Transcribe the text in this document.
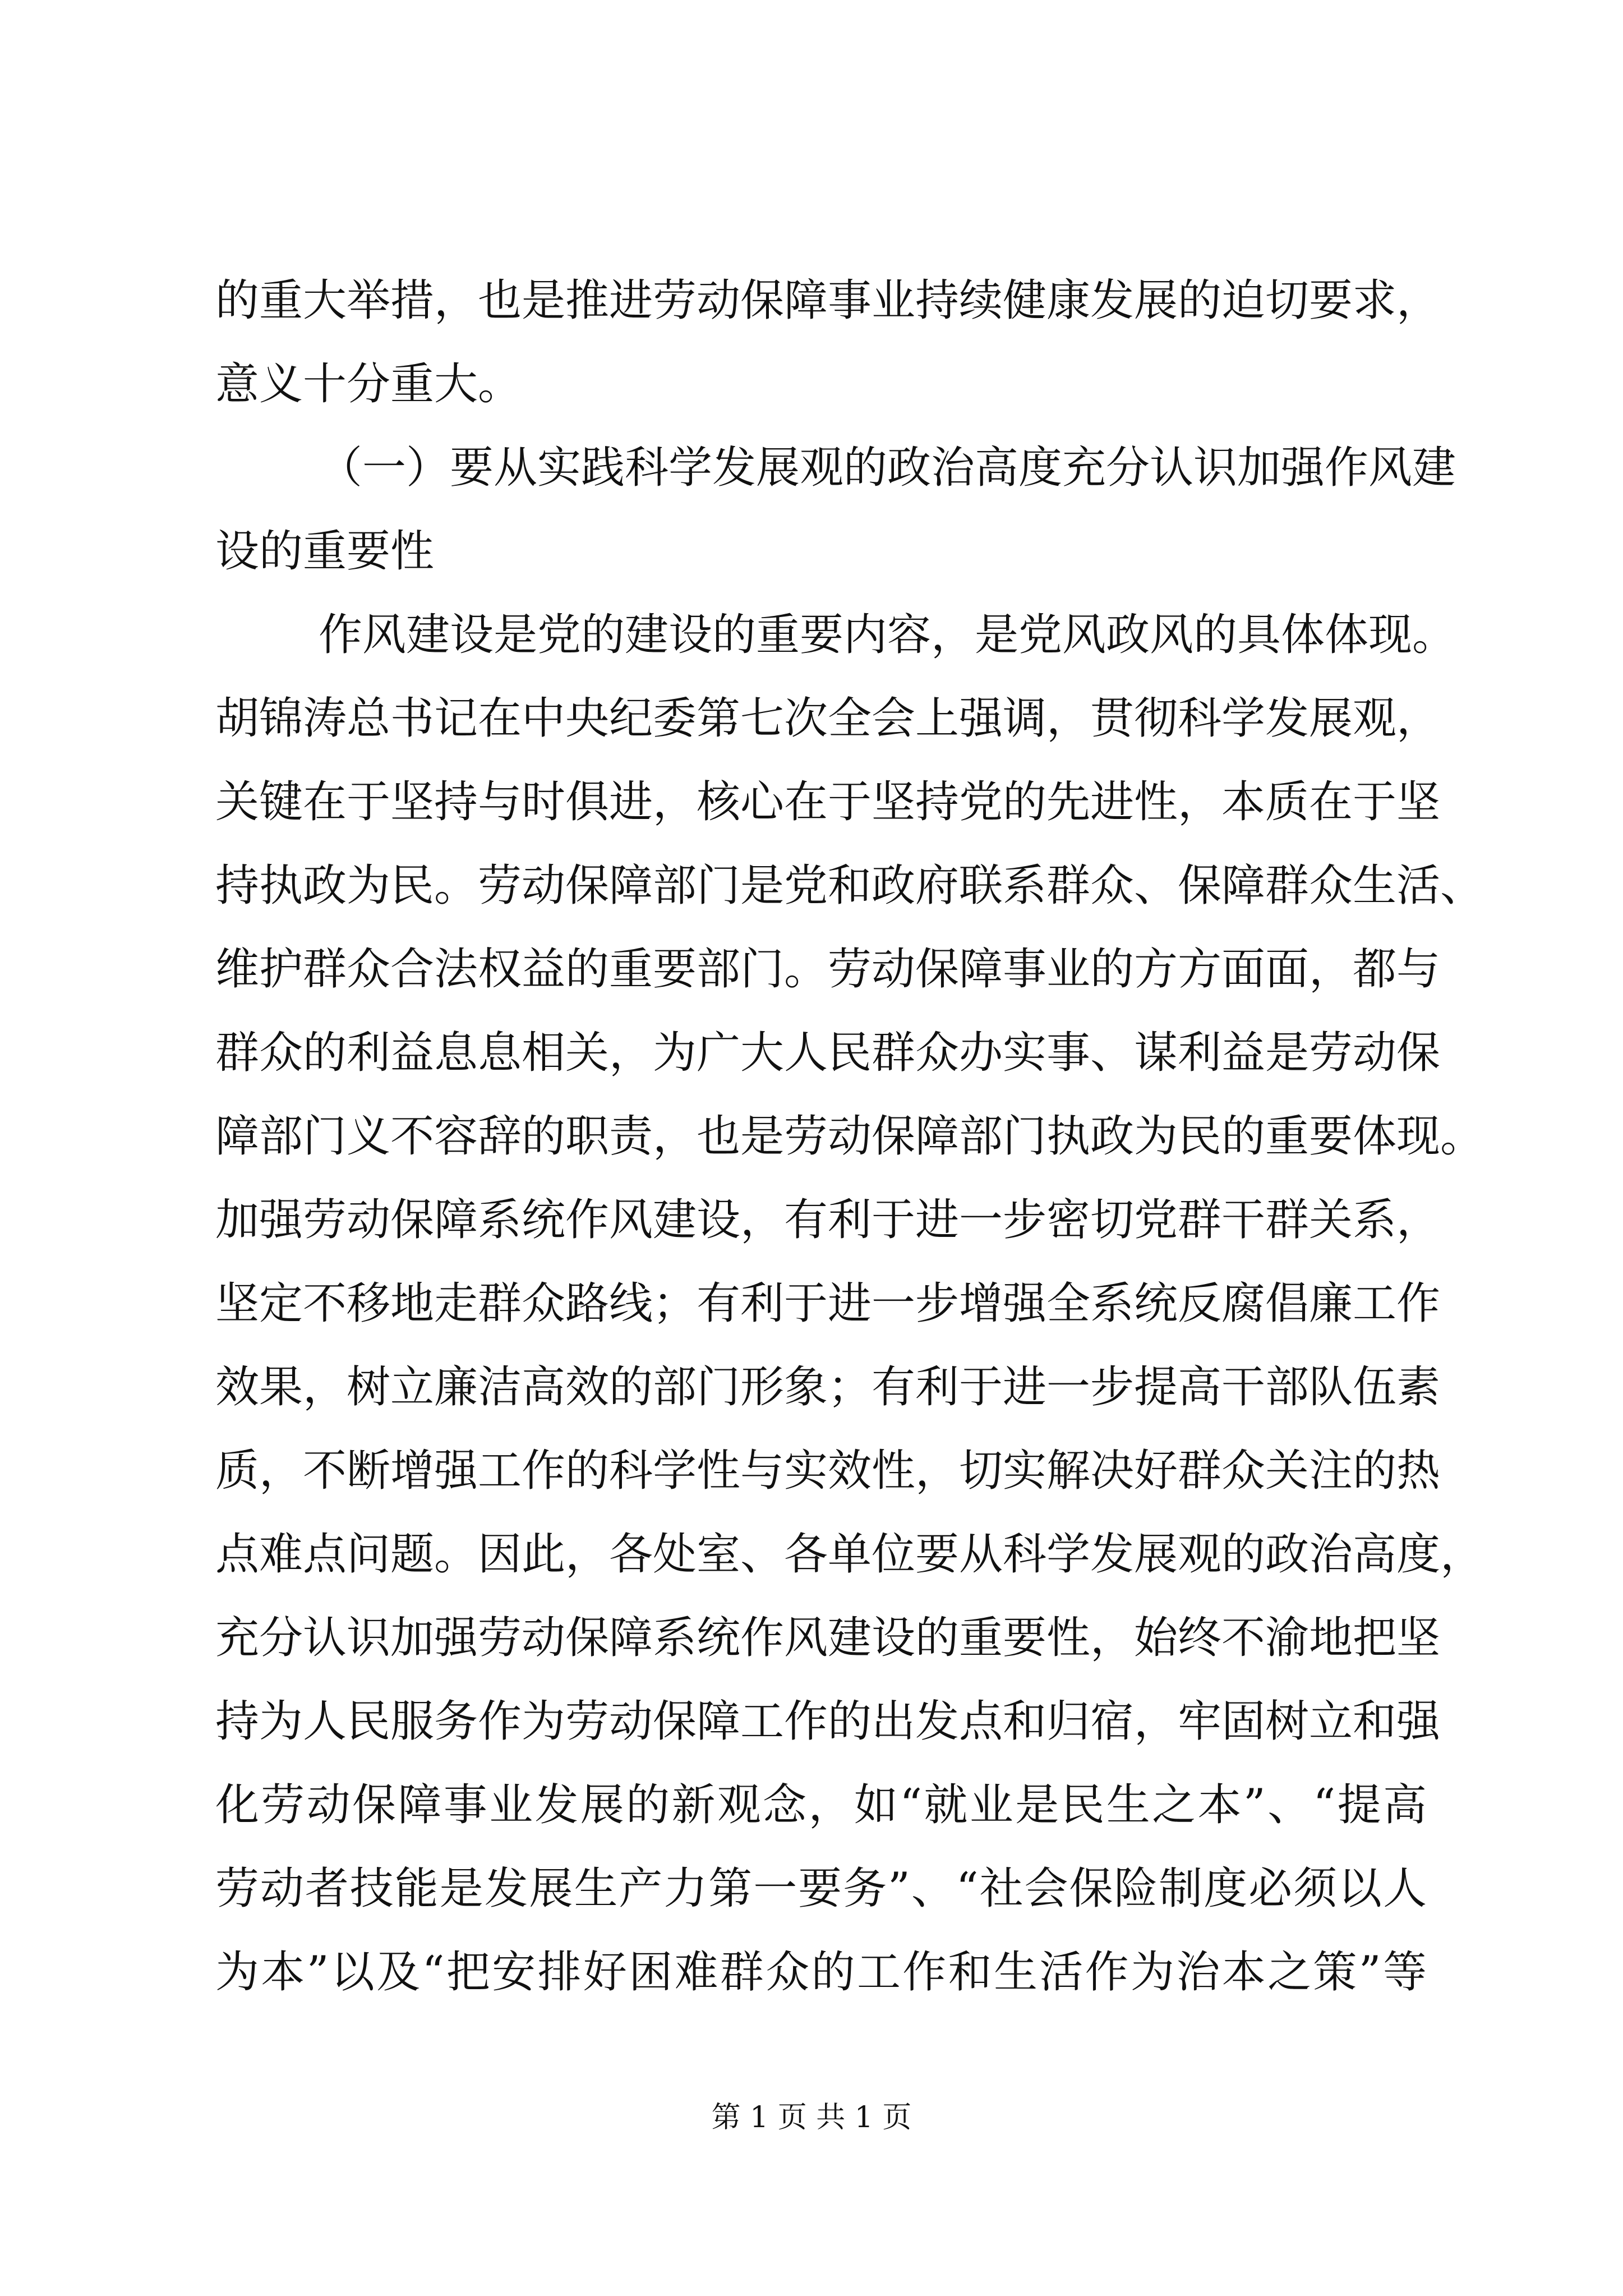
的重大举措，也是推进劳动保障事业持续健康发展的迫切要求，
意义十分重大。
（一）要从实践科学发展观的政治高度充分认识加强作风建
设的重要性
作风建设是党的建设的重要内容，是党风政风的具体体现。
胡锦涛总书记在中央纪委第七次全会上强调，贯彻科学发展观，
关键在于坚持与时俱进，核心在于坚持党的先进性，本质在于坚
持执政为民。劳动保障部门是党和政府联系群众、保障群众生活、
维护群众合法权益的重要部门。劳动保障事业的方方面面，都与
群众的利益息息相关，为广大人民群众办实事、谋利益是劳动保
障部门义不容辞的职责，也是劳动保障部门执政为民的重要体现。
加强劳动保障系统作风建设，有利于进一步密切党群干群关系，
坚定不移地走群众路线；有利于进一步增强全系统反腐倡廉工作
效果，树立廉洁高效的部门形象；有利于进一步提高干部队伍素
质，不断增强工作的科学性与实效性，切实解决好群众关注的热
点难点问题。因此，各处室、各单位要从科学发展观的政治高度，
充分认识加强劳动保障系统作风建设的重要性，始终不渝地把坚
持为人民服务作为劳动保障工作的出发点和归宿，牢固树立和强
化劳动保障事业发展的新观念，如“就业是民生之本”、“提高
劳动者技能是发展生产力第一要务”、“社会保险制度必须以人
为本”以及“把安排好困难群众的工作和生活作为治本之策”等
第 1 页 共 1 页
